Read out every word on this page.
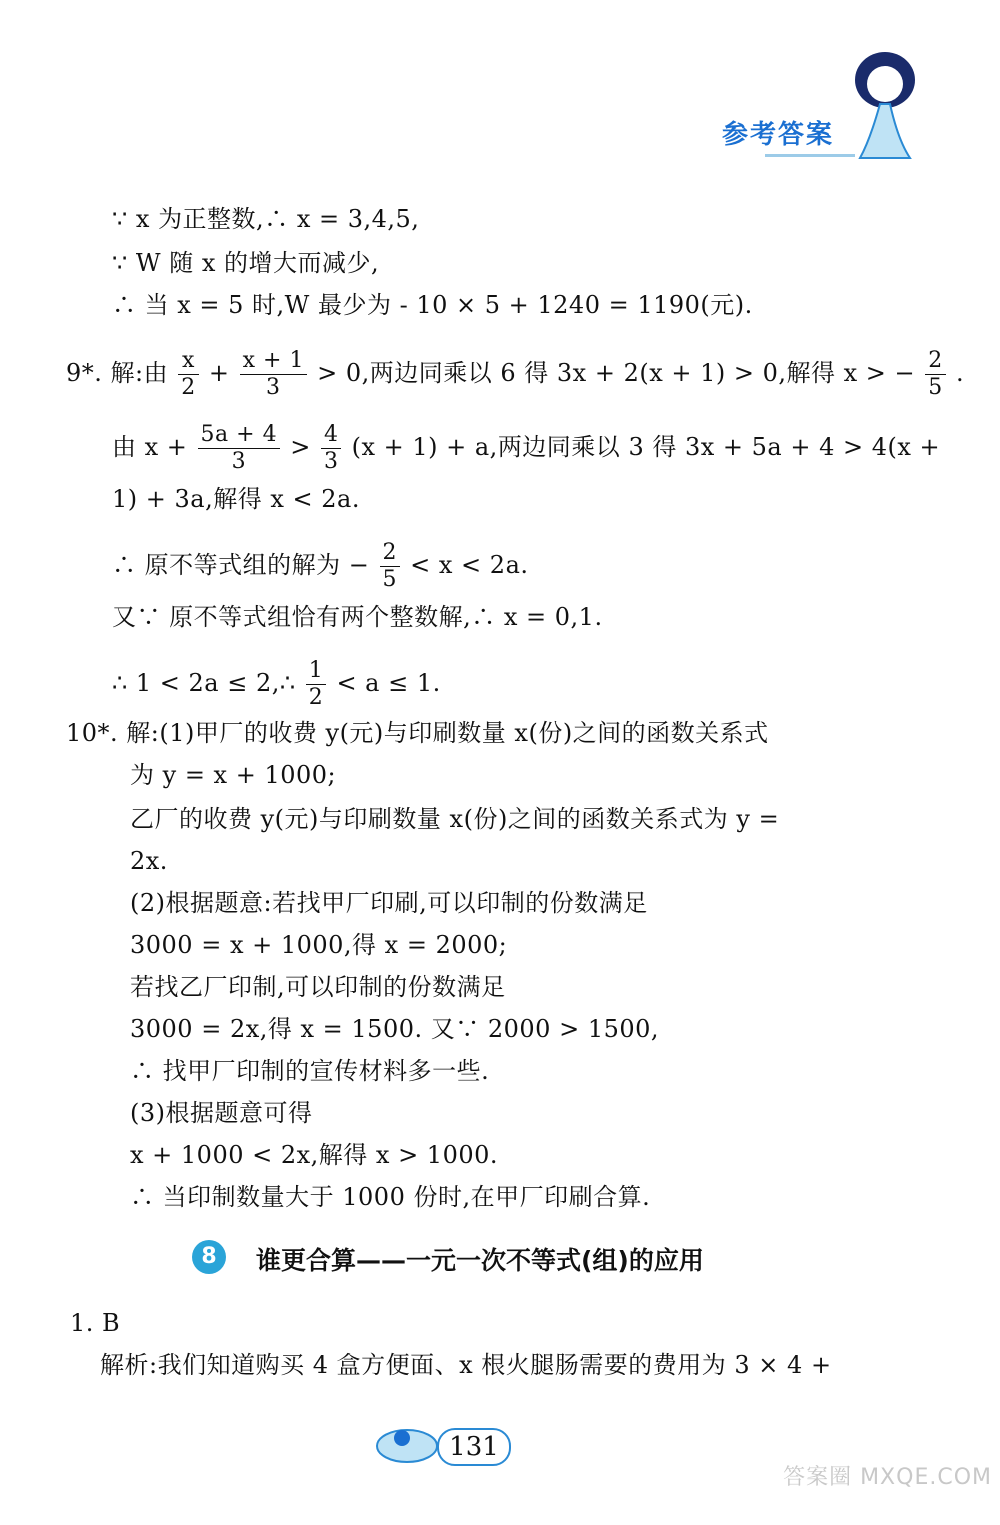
参考答案
∵ x 为正整数,∴ x = 3,4,5,
∵ W 随 x 的增大而减少,
∴ 当 x = 5 时,W 最少为 - 10 × 5 + 1240 = 1190(元).
9*. 解:由 $\frac{x}{2} + \frac{x + 1}{3} > 0$,两边同乘以 6 得 3x + 2(x + 1) > 0,解得 x > − $\frac{2}{5}$ .
由 $x + \frac{5a + 4}{3} > \frac{4}{3} (x + 1) + a$,两边同乘以 3 得 3x + 5a + 4 > 4(x +
1) + 3a,解得 x < 2a.
∴ 原不等式组的解为 − $\frac{2}{5} < x < 2a$.
又∵ 原不等式组恰有两个整数解,∴ x = 0,1.
∴ 1 < 2a ≤ 2,∴ $\frac{1}{2} < a \le 1$.
10*. 解:(1)甲厂的收费 y(元)与印刷数量 x(份)之间的函数关系式
为 y = x + 1000;
乙厂的收费 y(元)与印刷数量 x(份)之间的函数关系式为 y =
2x.
(2)根据题意:若找甲厂印刷,可以印制的份数满足
3000 = x + 1000,得 x = 2000;
若找乙厂印制,可以印制的份数满足
3000 = 2x,得 x = 1500. 又∵ 2000 > 1500,
∴ 找甲厂印制的宣传材料多一些.
(3)根据题意可得
x + 1000 < 2x,解得 x > 1000.
∴ 当印制数量大于 1000 份时,在甲厂印刷合算.
8	谁更合算——一元一次不等式(组)的应用
1. B
解析:我们知道购买 4 盒方便面、x 根火腿肠需要的费用为 3 × 4 +
131
答案圈 MXQE.COM
